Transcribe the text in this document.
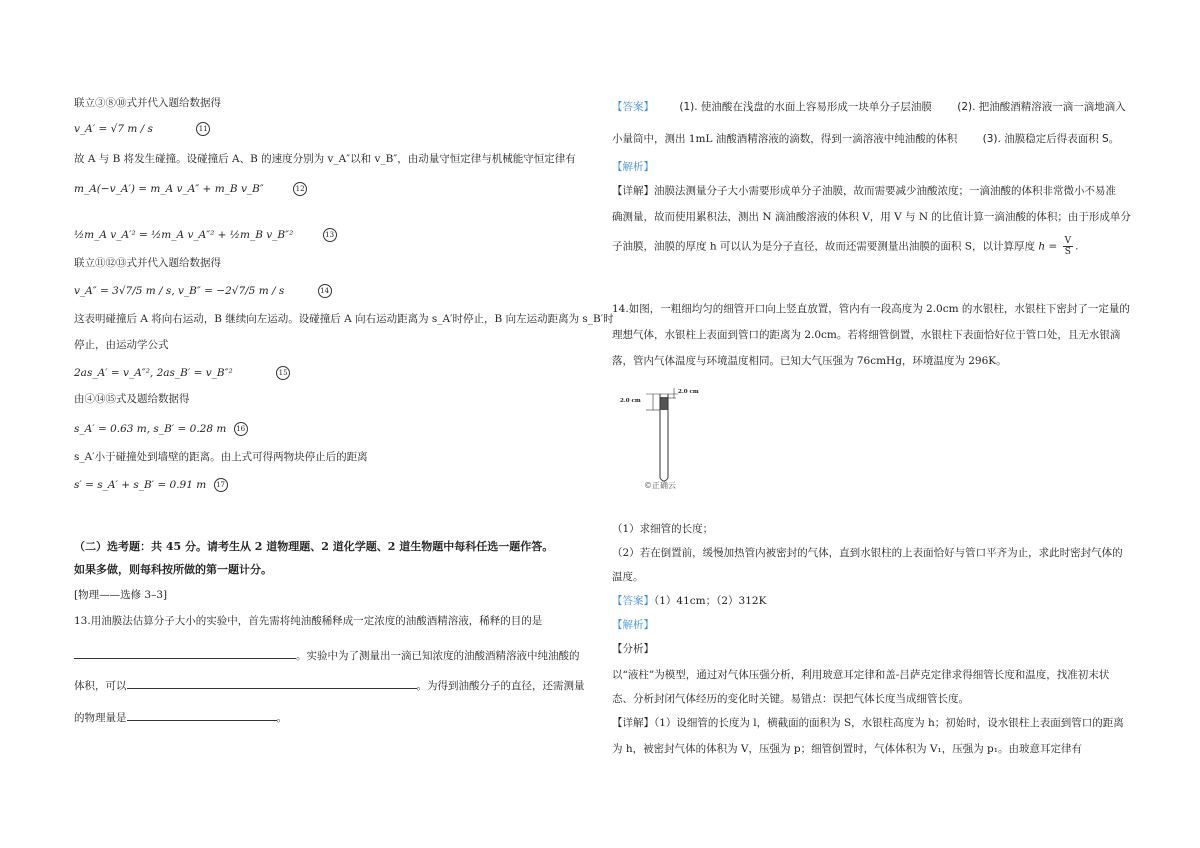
联立③⑧⑩式并代入题给数据得
v_A′ = √7 m / s	11
故 A 与 B 将发生碰撞。设碰撞后 A、B 的速度分别为 v_A″以和 v_B″，由动量守恒定律与机械能守恒定律有
m_A(−v_A′) = m_A v_A″ + m_B v_B″	12
½m_A v_A′² = ½m_A v_A″² + ½m_B v_B″²	13
联立⑪⑫⑬式并代入题给数据得
v_A″ = 3√7/5 m / s, v_B″ = −2√7/5 m / s	14
这表明碰撞后 A 将向右运动，B 继续向左运动。设碰撞后 A 向右运动距离为 s_A′时停止，B 向左运动距离为 s_B′时
停止，由运动学公式
2as_A′ = v_A″², 2as_B′ = v_B″²	15
由④⑭⑮式及题给数据得
s_A′ = 0.63 m, s_B′ = 0.28 m 16
s_A′小于碰撞处到墙壁的距离。由上式可得两物块停止后的距离
s′ = s_A′ + s_B′ = 0.91 m 17
（二）选考题：共 45 分。请考生从 2 道物理题、2 道化学题、2 道生物题中每科任选一题作答。
如果多做，则每科按所做的第一题计分。
[物理——选修 3–3]
13.用油膜法估算分子大小的实验中，首先需将纯油酸稀释成一定浓度的油酸酒精溶液，稀释的目的是
。实验中为了测量出一滴已知浓度的油酸酒精溶液中纯油酸的
体积，可以	。为得到油酸分子的直径，还需测量
的物理量是	。
【答案】 (1). 使油酸在浅盘的水面上容易形成一块单分子层油膜 (2). 把油酸酒精溶液一滴一滴地滴入
小量筒中，测出 1mL 油酸酒精溶液的滴数，得到一滴溶液中纯油酸的体积 (3). 油膜稳定后得表面积 S。
【解析】
【详解】油膜法测量分子大小需要形成单分子油膜，故而需要减少油酸浓度；一滴油酸的体积非常微小不易准
确测量，故而使用累积法，测出 N 滴油酸溶液的体积 V，用 V 与 N 的比值计算一滴油酸的体积；由于形成单分
子油膜，油膜的厚度 h 可以认为是分子直径，故而还需要测量出油膜的面积 S，以计算厚度 $h = \frac{V}{S}$ .
14.如图，一粗细均匀的细管开口向上竖直放置，管内有一段高度为 2.0cm 的水银柱，水银柱下密封了一定量的
理想气体，水银柱上表面到管口的距离为 2.0cm。若将细管倒置，水银柱下表面恰好位于管口处，且无水银滴
落，管内气体温度与环境温度相同。已知大气压强为 76cmHg，环境温度为 296K。
2.0 cm
2.0 cm
©正确云
（1）求细管的长度；
（2）若在倒置前，缓慢加热管内被密封的气体，直到水银柱的上表面恰好与管口平齐为止，求此时密封气体的
温度。
【答案】（1）41cm；（2）312K
【解析】
【分析】
以“液柱”为模型，通过对气体压强分析，利用玻意耳定律和盖-吕萨克定律求得细管长度和温度，找准初末状
态、分析封闭气体经历的变化时关键。易错点：误把气体长度当成细管长度。
【详解】（1）设细管的长度为 l，横截面的面积为 S，水银柱高度为 h；初始时，设水银柱上表面到管口的距离
为 h，被密封气体的体积为 V，压强为 p；细管倒置时，气体体积为 V₁，压强为 p₁。由玻意耳定律有
